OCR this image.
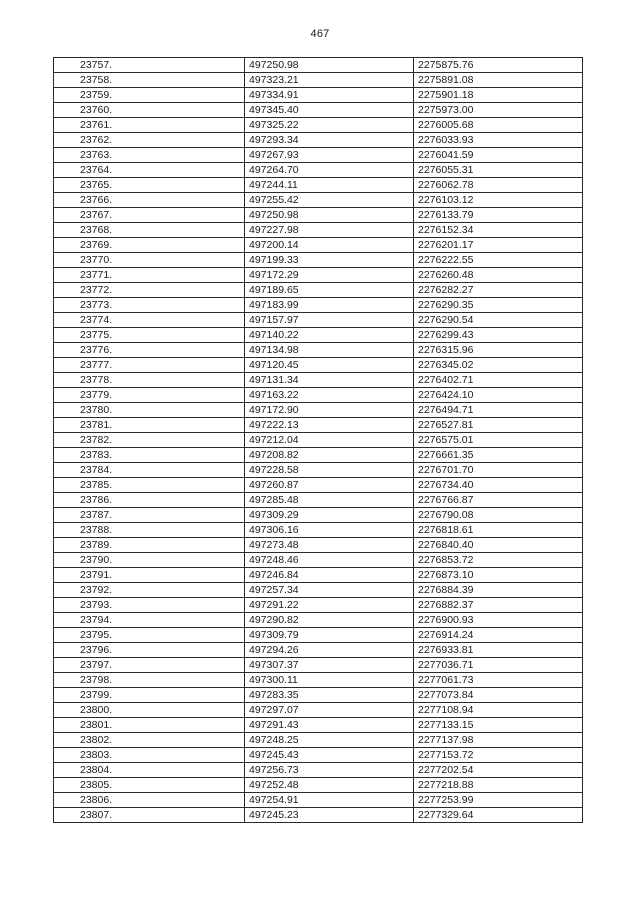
467
23757.	497250.98	2275875.76
23758.	497323.21	2275891.08
23759.	497334.91	2275901.18
23760.	497345.40	2275973.00
23761.	497325.22	2276005.68
23762.	497293.34	2276033.93
23763.	497267.93	2276041.59
23764.	497264.70	2276055.31
23765.	497244.11	2276062.78
23766.	497255.42	2276103.12
23767.	497250.98	2276133.79
23768.	497227.98	2276152.34
23769.	497200.14	2276201.17
23770.	497199.33	2276222.55
23771.	497172.29	2276260.48
23772.	497189.65	2276282.27
23773.	497183.99	2276290.35
23774.	497157.97	2276290.54
23775.	497140.22	2276299.43
23776.	497134.98	2276315.96
23777.	497120.45	2276345.02
23778.	497131.34	2276402.71
23779.	497163.22	2276424.10
23780.	497172.90	2276494.71
23781.	497222.13	2276527.81
23782.	497212.04	2276575.01
23783.	497208.82	2276661.35
23784.	497228.58	2276701.70
23785.	497260.87	2276734.40
23786.	497285.48	2276766.87
23787.	497309.29	2276790.08
23788.	497306.16	2276818.61
23789.	497273.48	2276840.40
23790.	497248.46	2276853.72
23791.	497246.84	2276873.10
23792.	497257.34	2276884.39
23793.	497291.22	2276882.37
23794.	497290.82	2276900.93
23795.	497309.79	2276914.24
23796.	497294.26	2276933.81
23797.	497307.37	2277036.71
23798.	497300.11	2277061.73
23799.	497283.35	2277073.84
23800.	497297.07	2277108.94
23801.	497291.43	2277133.15
23802.	497248.25	2277137.98
23803.	497245.43	2277153.72
23804.	497256.73	2277202.54
23805.	497252.48	2277218.88
23806.	497254.91	2277253.99
23807.	497245.23	2277329.64
